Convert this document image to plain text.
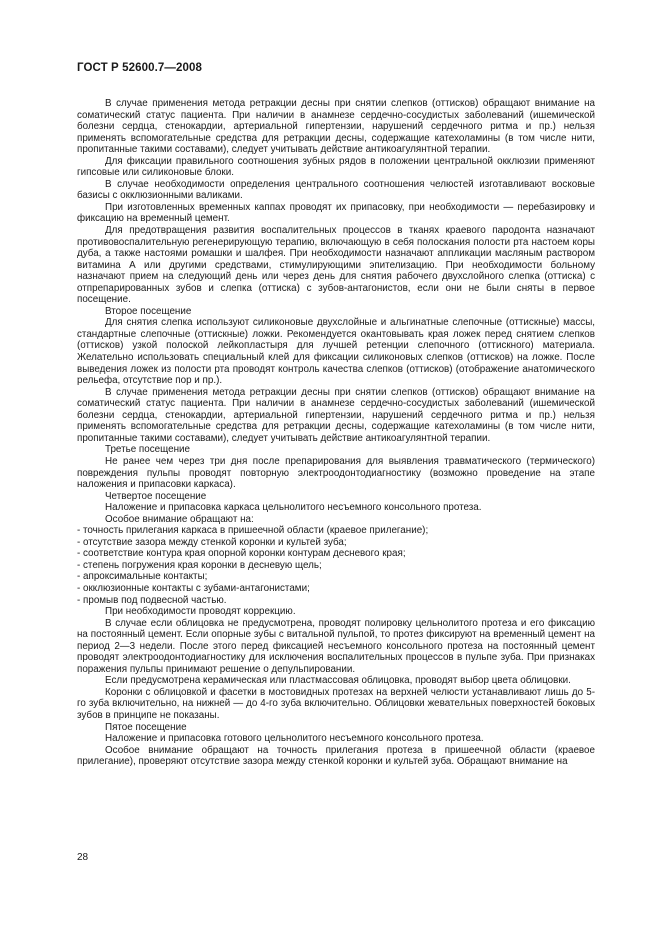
ГОСТ Р 52600.7—2008

В случае применения метода ретракции десны при снятии слепков (оттисков) обращают внимание на соматический статус пациента. При наличии в анамнезе сердечно-сосудистых заболеваний (ишемической болезни сердца, стенокардии, артериальной гипертензии, нарушений сердечного ритма и пр.) нельзя применять вспомогательные средства для ретракции десны, содержащие катехоламины (в том числе нити, пропитанные такими составами), следует учитывать действие антикоагулянтной терапии.

Для фиксации правильного соотношения зубных рядов в положении центральной окклюзии применяют гипсовые или силиконовые блоки.

В случае необходимости определения центрального соотношения челюстей изготавливают восковые базисы с окклюзионными валиками.

При изготовленных временных каппах проводят их припасовку, при необходимости — перебазировку и фиксацию на временный цемент.

Для предотвращения развития воспалительных процессов в тканях краевого пародонта назначают противовоспалительную регенерирующую терапию, включающую в себя полоскания полости рта настоем коры дуба, а также настоями ромашки и шалфея. При необходимости назначают аппликации масляным раствором витамина А или другими средствами, стимулирующими эпителизацию. При необходимости больному назначают прием на следующий день или через день для снятия рабочего двухслойного слепка (оттиска) с отпрепарированных зубов и слепка (оттиска) с зубов-антагонистов, если они не были сняты в первое посещение.

Второе посещение

Для снятия слепка используют силиконовые двухслойные и альгинатные слепочные (оттискные) массы, стандартные слепочные (оттискные) ложки. Рекомендуется окантовывать края ложек перед снятием слепков (оттисков) узкой полоской лейкопластыря для лучшей ретенции слепочного (оттискного) материала. Желательно использовать специальный клей для фиксации силиконовых слепков (оттисков) на ложке. После выведения ложек из полости рта проводят контроль качества слепков (оттисков) (отображение анатомического рельефа, отсутствие пор и пр.).

В случае применения метода ретракции десны при снятии слепков (оттисков) обращают внимание на соматический статус пациента. При наличии в анамнезе сердечно-сосудистых заболеваний (ишемической болезни сердца, стенокардии, артериальной гипертензии, нарушений сердечного ритма и пр.) нельзя применять вспомогательные средства для ретракции десны, содержащие катехоламины (в том числе нити, пропитанные такими составами), следует учитывать действие антикоагулянтной терапии.

Третье посещение

Не ранее чем через три дня после препарирования для выявления травматического (термического) повреждения пульпы проводят повторную электроодонтодиагностику (возможно проведение на этапе наложения и припасовки каркаса).

Четвертое посещение

Наложение и припасовка каркаса цельнолитого несъемного консольного протеза.

Особое внимание обращают на:

- точность прилегания каркаса в пришеечной области (краевое прилегание);

- отсутствие зазора между стенкой коронки и культей зуба;

- соответствие контура края опорной коронки контурам десневого края;

- степень погружения края коронки в десневую щель;

- апроксимальные контакты;

- окклюзионные контакты с зубами-антагонистами;

- промыв под подвесной частью.

При необходимости проводят коррекцию.

В случае если облицовка не предусмотрена, проводят полировку цельнолитого протеза и его фиксацию на постоянный цемент. Если опорные зубы с витальной пульпой, то протез фиксируют на временный цемент на период 2—3 недели. После этого перед фиксацией несъемного консольного протеза на постоянный цемент проводят электроодонтодиагностику для исключения воспалительных процессов в пульпе зуба. При признаках поражения пульпы принимают решение о депульпировании.

Если предусмотрена керамическая или пластмассовая облицовка, проводят выбор цвета облицовки.

Коронки с облицовкой и фасетки в мостовидных протезах на верхней челюсти устанавливают лишь до 5-го зуба включительно, на нижней — до 4-го зуба включительно. Облицовки жевательных поверхностей боковых зубов в принципе не показаны.

Пятое посещение

Наложение и припасовка готового цельнолитого несъемного консольного протеза.

Особое внимание обращают на точность прилегания протеза в пришеечной области (краевое прилегание), проверяют отсутствие зазора между стенкой коронки и культей зуба. Обращают внимание на

28
